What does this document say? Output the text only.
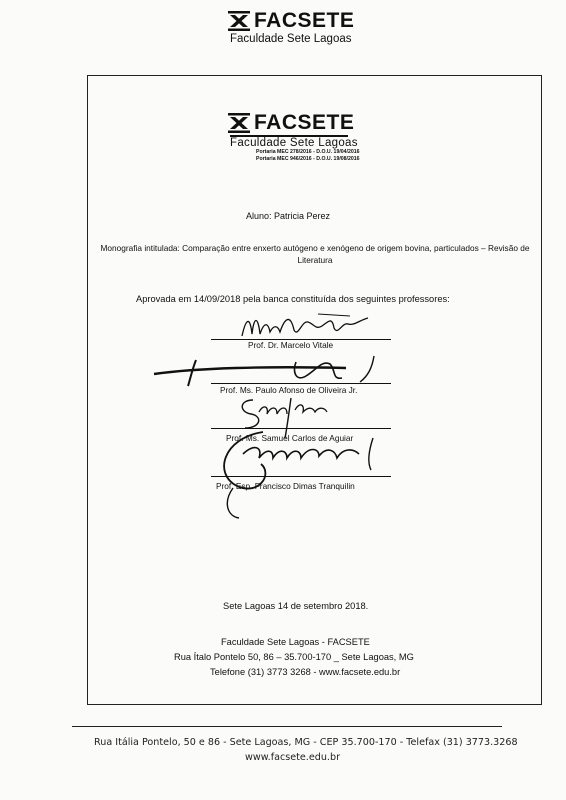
FACSETE
Faculdade Sete Lagoas
FACSETE
Faculdade Sete Lagoas
Portaria MEC 278/2016 - D.O.U. 19/04/2016
Portaria MEC 946/2016 - D.O.U. 19/08/2016
Aluno: Patricia Perez
Monografia intitulada: Comparação entre enxerto autógeno e xenógeno de origem bovina, particulados – Revisão de Literatura
Aprovada em 14/09/2018 pela banca constituída dos seguintes professores:
Prof. Dr. Marcelo Vitale
Prof. Ms. Paulo Afonso de Oliveira Jr.
Prof. Ms. Samuel Carlos de Aguiar
Prof. Esp. Francisco Dimas Tranquilin
Sete Lagoas 14 de setembro 2018.
Faculdade Sete Lagoas - FACSETE
Rua Ítalo Pontelo 50, 86 – 35.700-170 _ Sete Lagoas, MG
Telefone (31) 3773 3268 - www.facsete.edu.br
Rua Itália Pontelo, 50 e 86 - Sete Lagoas, MG - CEP 35.700-170 - Telefax (31) 3773.3268
www.facsete.edu.br
